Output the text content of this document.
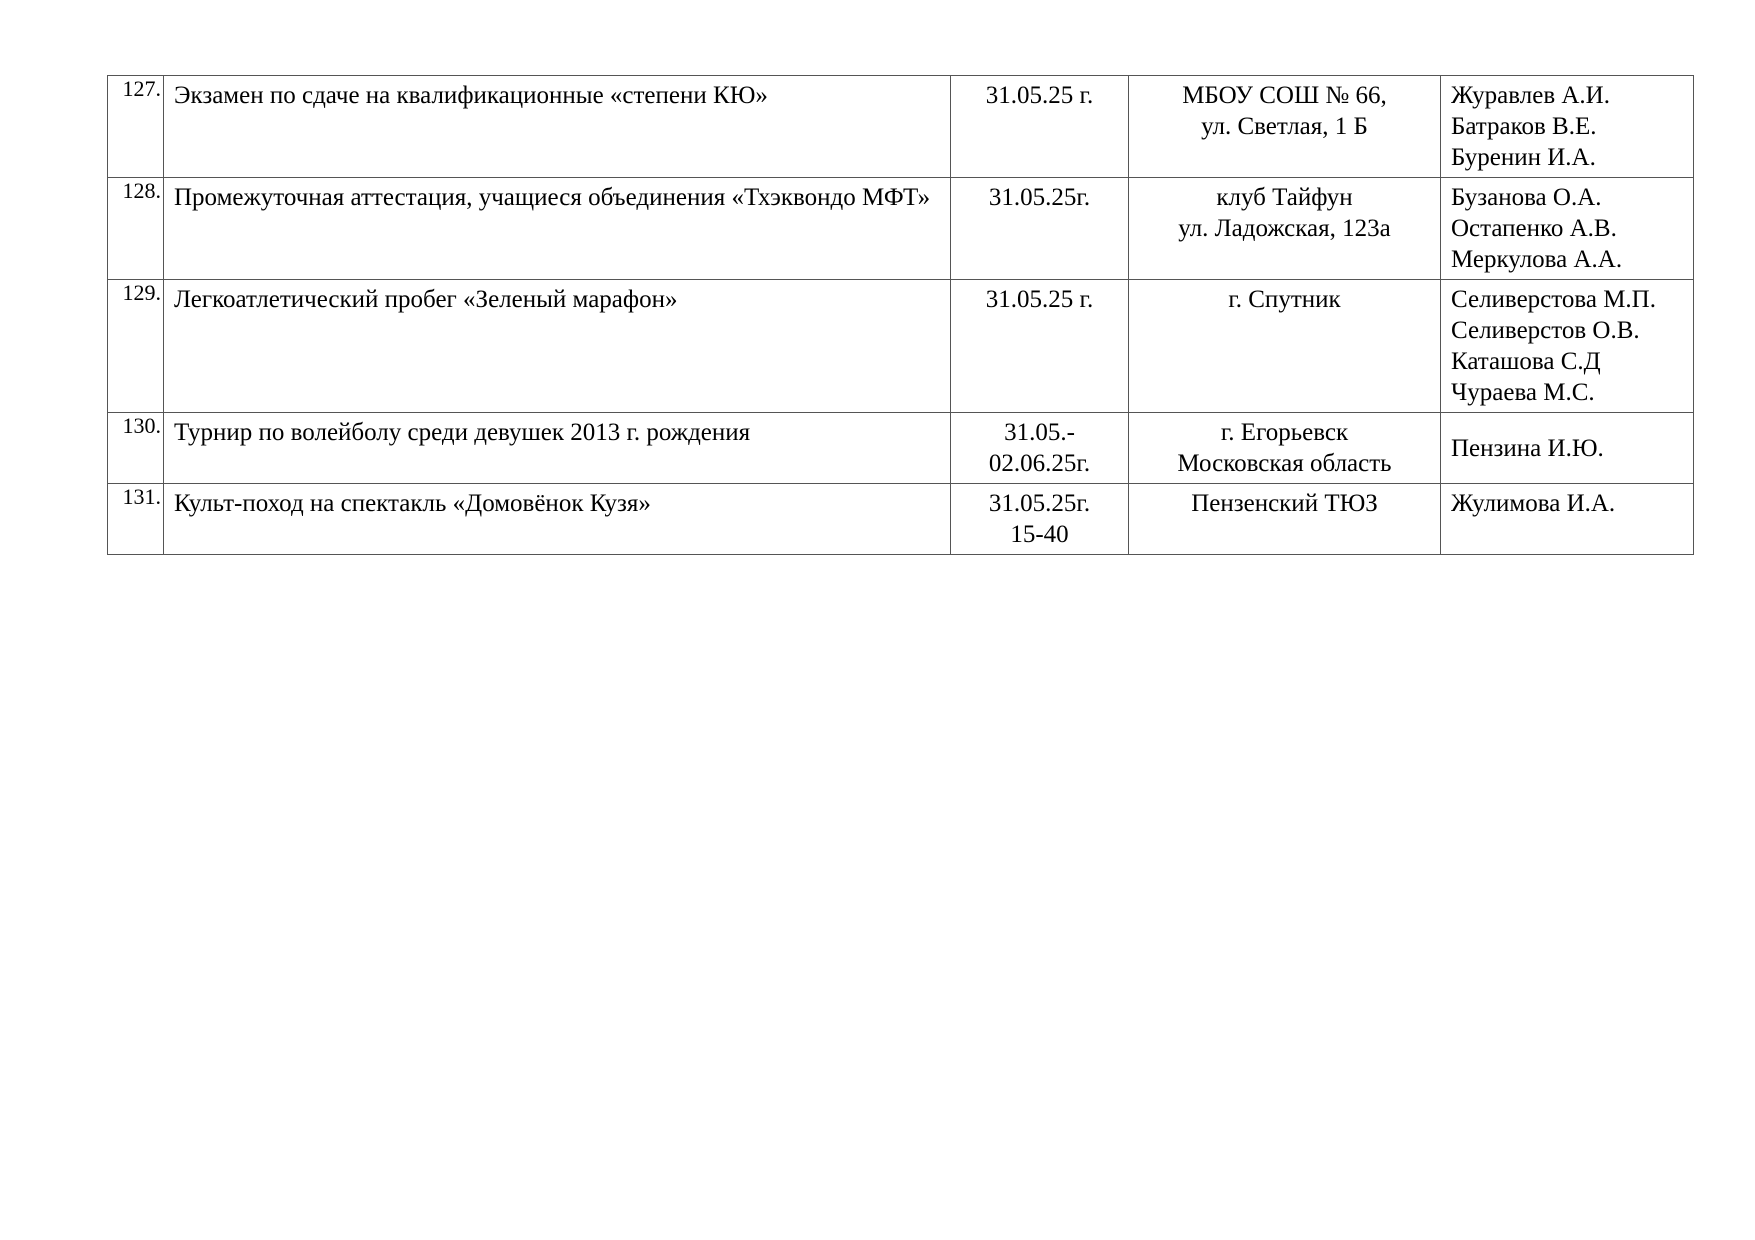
127.	Экзамен по сдаче на квалификационные «степени КЮ»	31.05.25 г.	МБОУ СОШ № 66,
ул. Светлая, 1 Б	Журавлев А.И.
Батраков В.Е.
Буренин И.А.

128.	Промежуточная аттестация, учащиеся объединения «Тхэквондо МФТ»	31.05.25г.	клуб Тайфун
ул. Ладожская, 123а	Бузанова О.А.
Остапенко А.В.
Меркулова А.А.

129.	Легкоатлетический пробег «Зеленый марафон»	31.05.25 г.	г. Спутник	Селиверстова М.П.
Селиверстов О.В.
Каташова С.Д
Чураева М.С.

130.	Турнир по волейболу среди девушек 2013 г. рождения	31.05.-
02.06.25г.	г. Егорьевск
Московская область	Пензина И.Ю.

131.	Культ-поход на спектакль «Домовёнок Кузя»	31.05.25г.
15-40	Пензенский ТЮЗ	Жулимова И.А.
